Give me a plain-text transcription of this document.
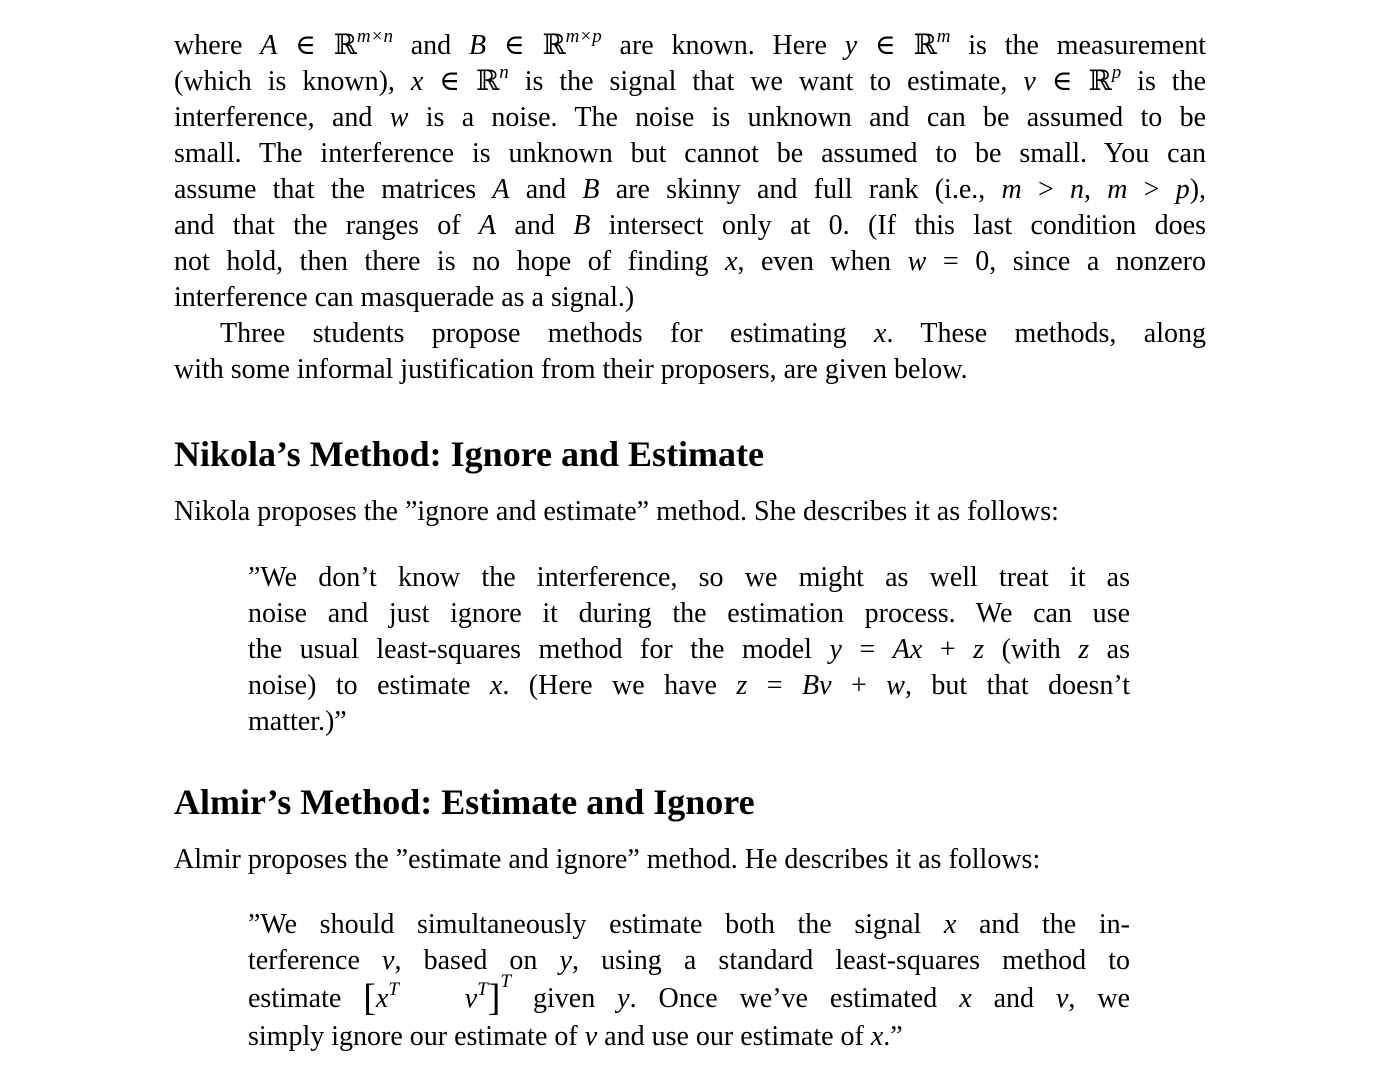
where A ∈ ℝ$^{m\times n}$ and B ∈ ℝ$^{m\times p}$ are known. Here y ∈ ℝ$^m$ is the measurement
(which is known), x ∈ ℝ$^n$ is the signal that we want to estimate, v ∈ ℝ$^p$ is the
interference, and w is a noise. The noise is unknown and can be assumed to be
small. The interference is unknown but cannot be assumed to be small. You can
assume that the matrices A and B are skinny and full rank (i.e., m > n, m > p),
and that the ranges of A and B intersect only at 0. (If this last condition does
not hold, then there is no hope of finding x, even when w = 0, since a nonzero
interference can masquerade as a signal.)
Three students propose methods for estimating x. These methods, along
with some informal justification from their proposers, are given below.
Nikola’s Method: Ignore and Estimate

Nikola proposes the ”ignore and estimate” method. She describes it as follows:

”We don’t know the interference, so we might as well treat it as
noise and just ignore it during the estimation process. We can use
the usual least-squares method for the model y = Ax + z (with z as
noise) to estimate x. (Here we have z = Bv + w, but that doesn’t
matter.)”
Almir’s Method: Estimate and Ignore

Almir proposes the ”estimate and ignore” method. He describes it as follows:

”We should simultaneously estimate both the signal x and the in-
terference v, based on y, using a standard least-squares method to
estimate [$x^T$ $v^T]^T$ given y. Once we’ve estimated x and v, we
simply ignore our estimate of v and use our estimate of x.”
